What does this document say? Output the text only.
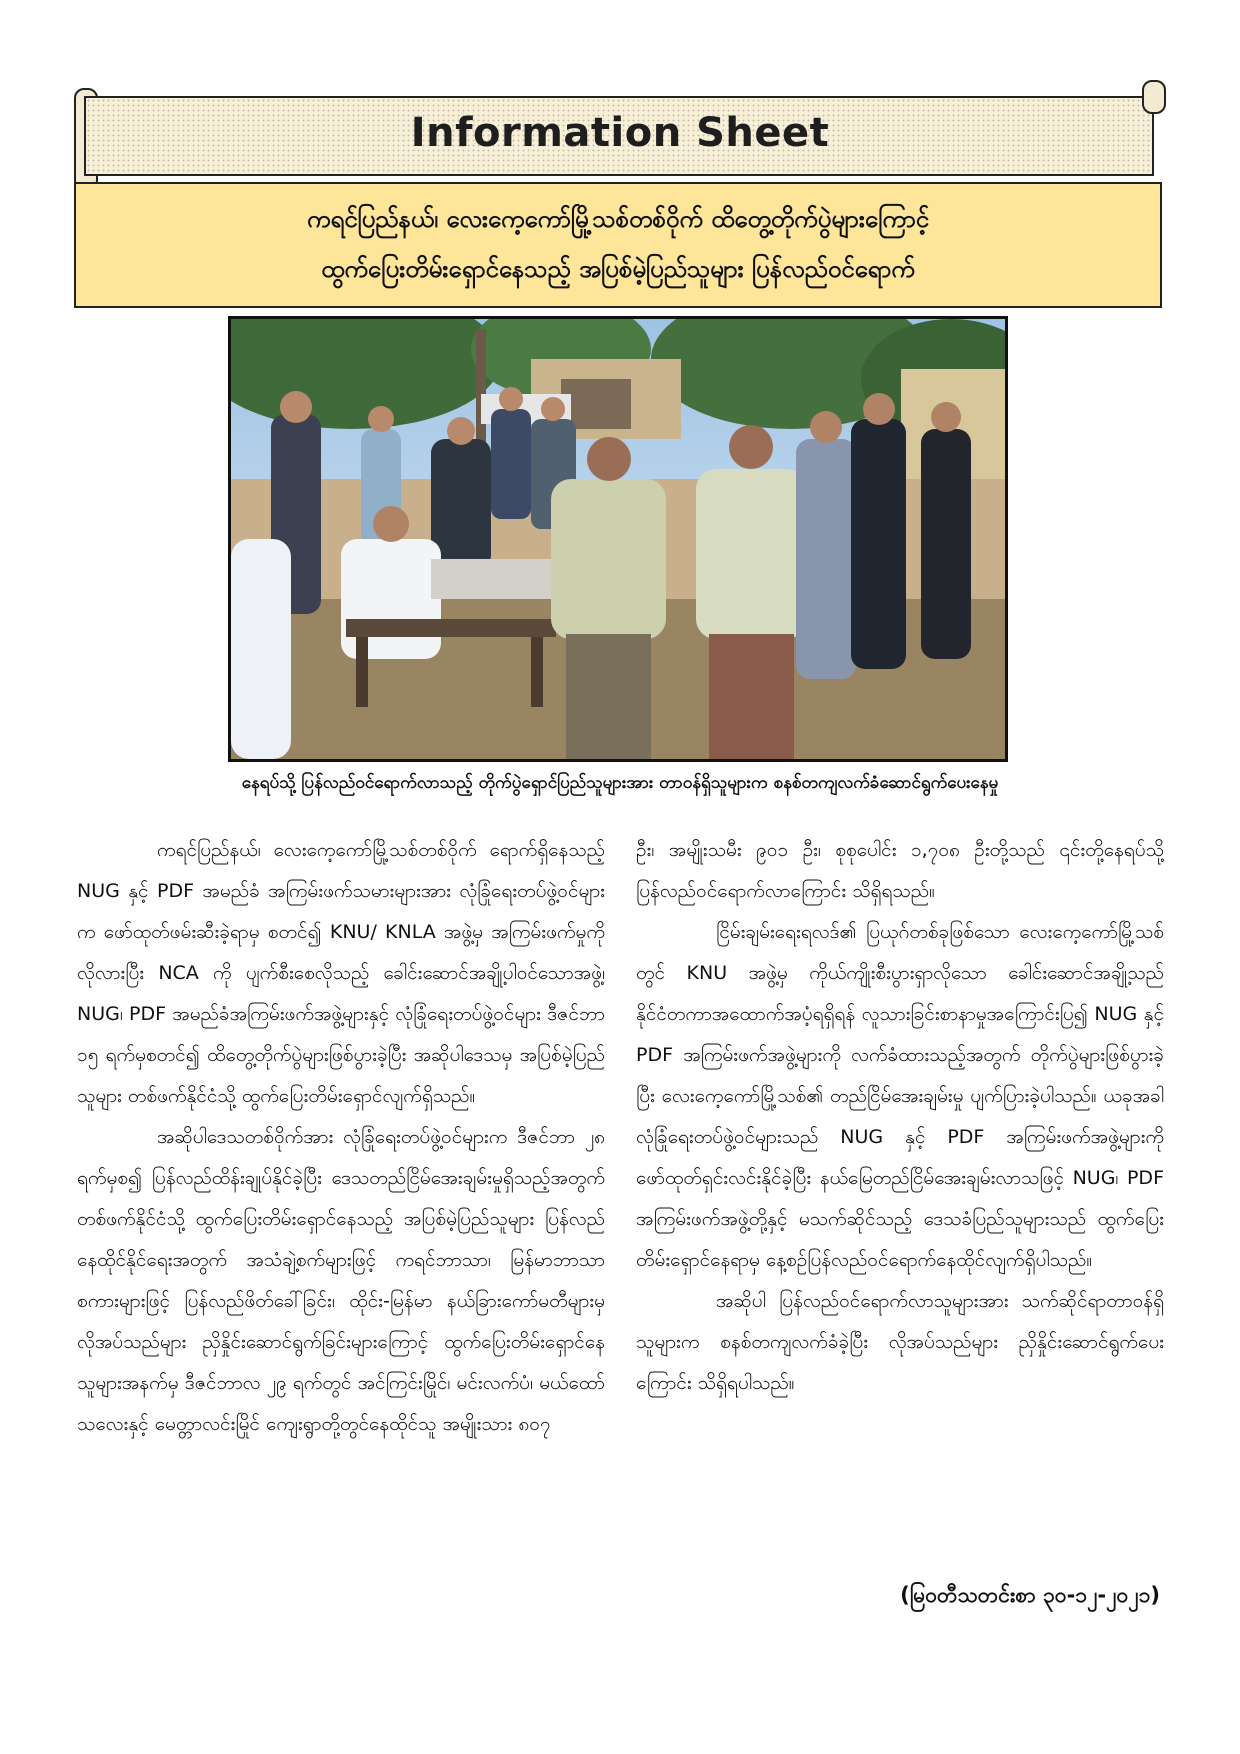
Information Sheet
ကရင်ပြည်နယ်၊ လေးကေ့ကော်မြို့သစ်တစ်ဝိုက် ထိတွေ့တိုက်ပွဲများကြောင့်
ထွက်ပြေးတိမ်းရှောင်နေသည့် အပြစ်မဲ့ပြည်သူများ ပြန်လည်ဝင်ရောက်
နေရပ်သို့ ပြန်လည်ဝင်ရောက်လာသည့် တိုက်ပွဲရှောင်ပြည်သူများအား တာဝန်ရှိသူများက စနစ်တကျလက်ခံဆောင်ရွက်ပေးနေမှု

ကရင်ပြည်နယ်၊ လေးကေ့ကော်မြို့သစ်တစ်ဝိုက် ရောက်ရှိနေသည့် NUG နှင့် PDF အမည်ခံ အကြမ်းဖက်သမားများအား လုံခြုံရေးတပ်ဖွဲ့ဝင်များက ဖော်ထုတ်ဖမ်းဆီးခဲ့ရာမှ စတင်၍ KNU/ KNLA အဖွဲ့မှ အကြမ်းဖက်မှုကိုလိုလားပြီး NCA ကို ပျက်စီးစေလိုသည့် ခေါင်းဆောင်အချို့ပါဝင်သောအဖွဲ့၊ NUG၊ PDF အမည်ခံအကြမ်းဖက်အဖွဲ့များနှင့် လုံခြုံရေးတပ်ဖွဲ့ဝင်များ ဒီဇင်ဘာ ၁၅ ရက်မှစတင်၍ ထိတွေ့တိုက်ပွဲများဖြစ်ပွားခဲ့ပြီး အဆိုပါဒေသမှ အပြစ်မဲ့ပြည်သူများ တစ်ဖက်နိုင်ငံသို့ ထွက်ပြေးတိမ်းရှောင်လျက်ရှိသည်။

အဆိုပါဒေသတစ်ဝိုက်အား လုံခြုံရေးတပ်ဖွဲ့ဝင်များက ဒီဇင်ဘာ ၂၈ ရက်မှစ၍ ပြန်လည်ထိန်းချုပ်နိုင်ခဲ့ပြီး ဒေသတည်ငြိမ်အေးချမ်းမှုရှိသည့်အတွက် တစ်ဖက်နိုင်ငံသို့ ထွက်ပြေးတိမ်းရှောင်နေသည့် အပြစ်မဲ့ပြည်သူများ ပြန်လည်နေထိုင်နိုင်ရေးအတွက် အသံချဲ့စက်များဖြင့် ကရင်ဘာသာ၊ မြန်မာဘာသာစကားများဖြင့် ပြန်လည်ဖိတ်ခေါ်ခြင်း၊ ထိုင်း-မြန်မာ နယ်ခြားကော်မတီများမှ လိုအပ်သည်များ ညှိနှိုင်းဆောင်ရွက်ခြင်းများကြောင့် ထွက်ပြေးတိမ်းရှောင်နေသူများအနက်မှ ဒီဇင်ဘာလ ၂၉ ရက်တွင် အင်ကြင်းမြိုင်၊ မင်းလက်ပံ၊ မယ်ထော်သလေးနှင့် မေတ္တာလင်းမြိုင် ကျေးရွာတို့တွင်နေထိုင်သူ အမျိုးသား ၈၀၇

ဦး၊ အမျိုးသမီး ၉၀၁ ဦး၊ စုစုပေါင်း ၁,၇၀၈ ဦးတို့သည် ၎င်းတို့နေရပ်သို့ ပြန်လည်ဝင်ရောက်လာကြောင်း သိရှိရသည်။

ငြိမ်းချမ်းရေးရလဒ်၏ ပြယုဂ်တစ်ခုဖြစ်သော လေးကေ့ကော်မြို့သစ်တွင် KNU အဖွဲ့မှ ကိုယ်ကျိုးစီးပွားရှာလိုသော ခေါင်းဆောင်အချို့သည် နိုင်ငံတကာအထောက်အပံ့ရရှိရန် လူသားခြင်းစာနာမှုအကြောင်းပြ၍ NUG နှင့် PDF အကြမ်းဖက်အဖွဲ့များကို လက်ခံထားသည့်အတွက် တိုက်ပွဲများဖြစ်ပွားခဲ့ပြီး လေးကေ့ကော်မြို့သစ်၏ တည်ငြိမ်အေးချမ်းမှု ပျက်ပြားခဲ့ပါသည်။ ယခုအခါ လုံခြုံရေးတပ်ဖွဲ့ဝင်များသည် NUG နှင့် PDF အကြမ်းဖက်အဖွဲ့များကို ဖော်ထုတ်ရှင်းလင်းနိုင်ခဲ့ပြီး နယ်မြေတည်ငြိမ်အေးချမ်းလာသဖြင့် NUG၊ PDF အကြမ်းဖက်အဖွဲ့တို့နှင့် မသက်ဆိုင်သည့် ဒေသခံပြည်သူများသည် ထွက်ပြေးတိမ်းရှောင်နေရာမှ နေ့စဉ်ပြန်လည်ဝင်ရောက်နေထိုင်လျက်ရှိပါသည်။

အဆိုပါ ပြန်လည်ဝင်ရောက်လာသူများအား သက်ဆိုင်ရာတာဝန်ရှိသူများက စနစ်တကျလက်ခံခဲ့ပြီး လိုအပ်သည်များ ညှိနှိုင်းဆောင်ရွက်ပေးကြောင်း သိရှိရပါသည်။

(မြဝတီသတင်းစာ ၃၀-၁၂-၂၀၂၁)
